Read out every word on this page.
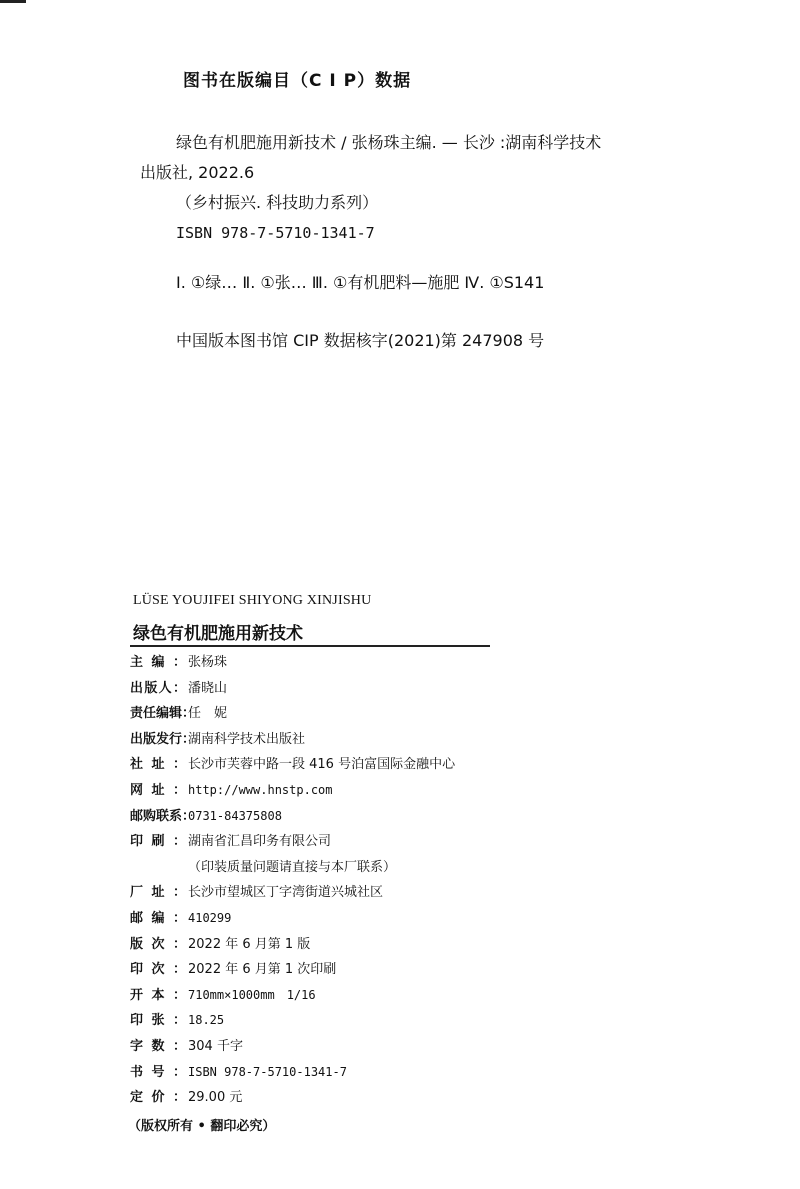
图书在版编目（C I P）数据
绿色有机肥施用新技术 / 张杨珠主编. — 长沙 :湖南科学技术
出版社, 2022.6
（乡村振兴. 科技助力系列）
ISBN 978-7-5710-1341-7
Ⅰ. ①绿… Ⅱ. ①张… Ⅲ. ①有机肥料—施肥 Ⅳ. ①S141
中国版本图书馆 CIP 数据核字(2021)第 247908 号
LÜSE YOUJIFEI SHIYONG XINJISHU
绿色有机肥施用新技术
主编： 张杨珠
出版人： 潘晓山
责任编辑：
任　妮
出版发行：
湖南科学技术出版社
社址： 长沙市芙蓉中路一段 416 号泊富国际金融中心
网址： http://www.hnstp.com
邮购联系：
0731-84375808
印刷： 湖南省汇昌印务有限公司
（印装质量问题请直接与本厂联系）
厂址： 长沙市望城区丁字湾街道兴城社区
邮编： 410299
版次： 2022 年 6 月第 1 版
印次： 2022 年 6 月第 1 次印刷
开本： 710mm×1000mm　1/16
印张： 18.25
字数： 304 千字
书号： ISBN 978-7-5710-1341-7
定价： 29.00 元
（版权所有 • 翻印必究）
